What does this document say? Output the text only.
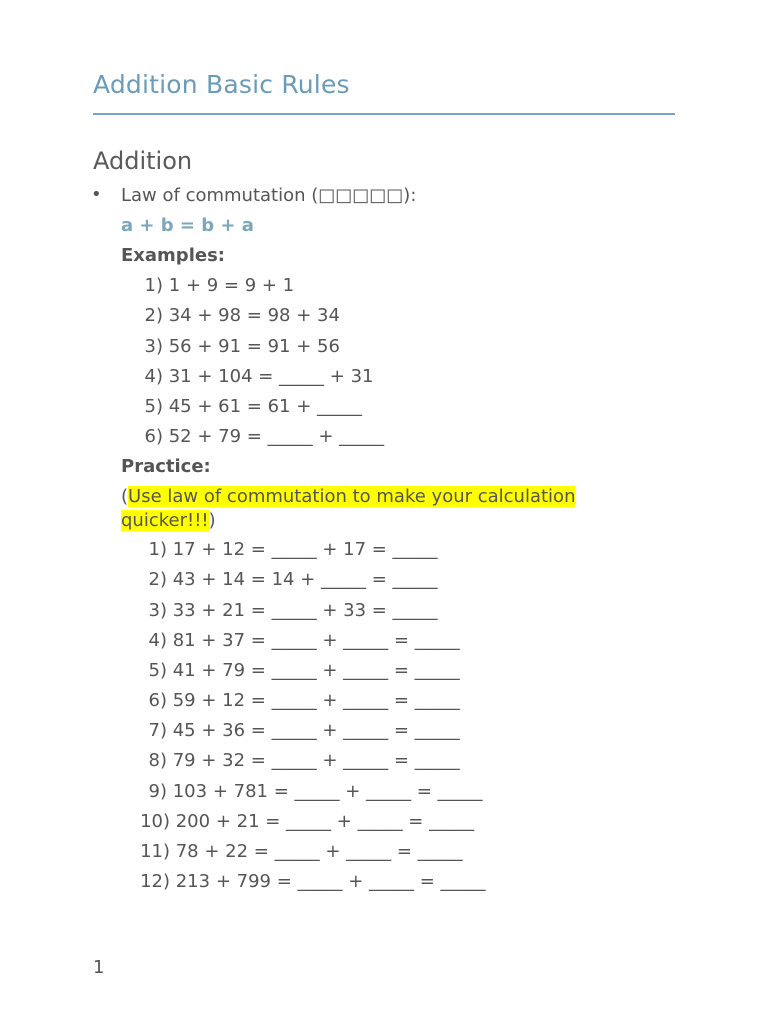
Addition Basic Rules
Addition
• Law of commutation (□□□□□):
a + b = b + a
Examples:
1) 1 + 9 = 9 + 1
2) 34 + 98 = 98 + 34
3) 56 + 91 = 91 + 56
4) 31 + 104 = _____ + 31
5) 45 + 61 = 61 + _____
6) 52 + 79 = _____ + _____
Practice:
(Use law of commutation to make your calculation quicker!!!)
1) 17 + 12 = _____ + 17 = _____
2) 43 + 14 = 14 + _____ = _____
3) 33 + 21 = _____ + 33 = _____
4) 81 + 37 = _____ + _____ = _____
5) 41 + 79 = _____ + _____ = _____
6) 59 + 12 = _____ + _____ = _____
7) 45 + 36 = _____ + _____ = _____
8) 79 + 32 = _____ + _____ = _____
9) 103 + 781 = _____ + _____ = _____
10) 200 + 21 = _____ + _____ = _____
11) 78 + 22 = _____ + _____ = _____
12) 213 + 799 = _____ + _____ = _____
1
